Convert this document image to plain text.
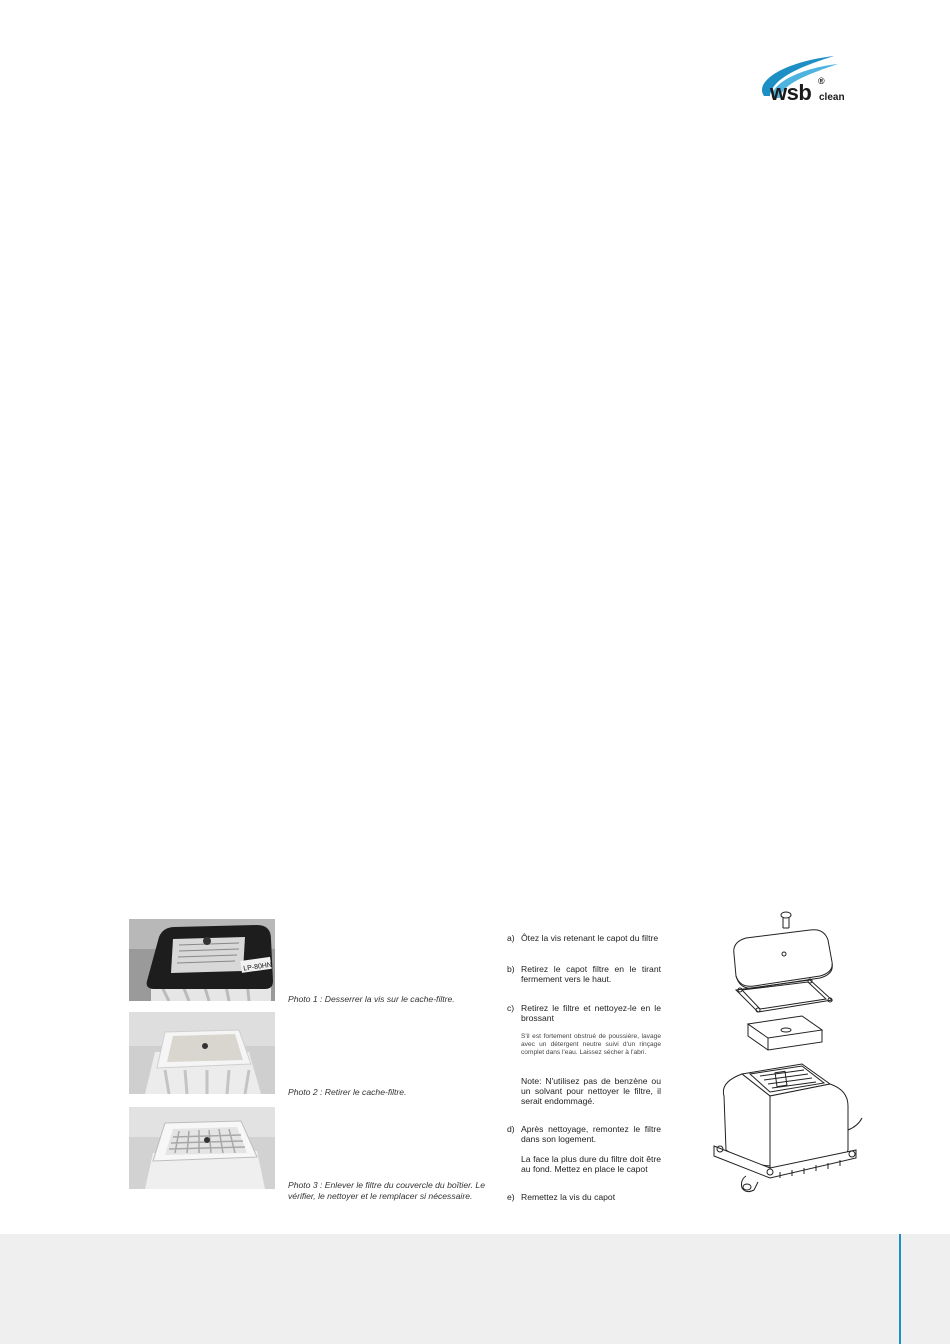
wsb ®
clean
LP-80HN
Photo 1 : Desserrer la vis sur le cache-filtre.
Photo 2 : Retirer le cache-filtre.
Photo 3 : Enlever le filtre du couvercle du boîtier. Le vérifier, le nettoyer et le remplacer si nécessaire.
a) Ôtez la vis retenant le capot du filtre
b) Retirez le capot filtre en le tirant fermement vers le haut.
c) Retirez le filtre et nettoyez-le en le brossant
S'il est fortement obstrué de poussière, lavage avec un détergent neutre suivi d'un rinçage complet dans l'eau. Laissez sécher à l'abri.
Note: N'utilisez pas de benzène ou un solvant pour nettoyer le filtre, il serait endommagé.
d) Après nettoyage, remontez le filtre dans son logement.
La face la plus dure du filtre doit être au fond. Mettez en place le capot
e) Remettez la vis du capot
